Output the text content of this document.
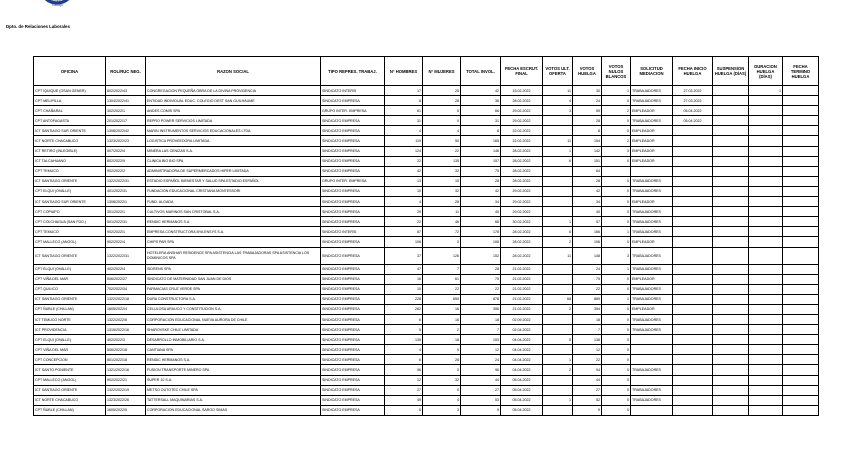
Dirección del
Trabajo
Dpto. de Relaciones Laborales
OFICINA	ROL/RUC NEG.	RAZON SOCIAL	TIPO REPRES. TRABAJ.	N° HOMBRES	N° MUJERES	TOTAL INVOL.	FECHA ESCRUT. FINAL	VOTOS ULT. OFERTA	VOTOS HUELGA	VOTOS NULOS BLANCOS	SOLICITUD MEDIACION	FECHA INICIO HUELGA	SUSPENSION HUELGA (DÍAS)	DURACION HUELGA (DÍAS)	FECHA TERMINO HUELGA
CPT IQUIQUE (OSAN GENER)	802/2022/43	CONGREGACION PEQUEÑA OBRA DE LA DIVINA PROVIDENCIA	SINDICATO INTERSI	17	25	42	15.02.2022	11	30	1	TRABAJADORES	27.03.2022		1	
CPT MELIPILLA	1304/2022/41	ENTIDAD INDIVIDUAL EDUC. COLEGIO DEST SAN GUILHAUME	SINDICATO EMPRESA	8	28	36	28.02.2022	4	24	0	TRABAJADORES	27.03.2022			
CPT CHAÑARAL	302/2022/1	ANDES COMIS SPA	GRUPO INTER. EMPRESA	61	5	66	29.02.2022	3	59	2	EMPLEADOR	05.04.2022			
CPT ANTOFAGASTA	201/2022/17	REPRO POWER SERVICIOS LIMITADA	SINDICATO EMPRESA	31	0	31	29.02.2022		28	0	TRABAJADORES	05.04.2022			
ICT SANTIAGO SUR ORIENTE	1308/2022/42	MARIN INSTRUMENTOS SERVICIOS EDUCACIONALES LTDA.	SINDICATO EMPRESA	4	4	8	22.02.2022		8	0	EMPLEADOR				
ICT NORTE CHACABUCO	1323/2022/23	LOGISTICA PROVEEDORA LIMITADA	SINDICATO EMPRESA	115	50	165	22.02.2022	11	154	2	EMPLEADOR				
ICT RETIRO (INLEGIBLE)	507/2022/4	MINERA LAS CENIZAS S.A.	SINDICATO EMPRESA	124	22	146	28.02.2022	1	142	3	EMPLEADOR				
ICT TALCAHUANO	802/2022/9	CLINICA BIO BIO SPA	SINDICATO EMPRESA	22	135	157	28.02.2022	6	151	0	EMPLEADOR				
CPT TEMUCO	902/2022/2	ADMINISTRADORA DE SUPERMERCADOS HIPER LIMITADA	SINDICATO EMPRESA	42	32	75	28.02.2022		64						
ICT SANTIAGO ORIENTE	1322/2022/31	ESTADIO ESPAÑOL BIENESTAR Y SALUD SPA ESTADIO ESPAÑOL	GRUPO INTER. EMPRESA	13	15	28	28.02.2022		28	0	TRABAJADORES				
CPT ELQUI (OVALLE)	401/2022/31	FUNDACION EDUCACIONAL CRISTIANA MONTESSORI	SINDICATO EMPRESA	10	32	42	29.02.2022		42	0	TRABAJADORES				
ICT SANTIAGO SUR ORIENTE	1308/2022/1	FUND. ALGADA	SINDICATO EMPRESA	4	28	34	29.02.2022		34	0	EMPLEADOR				
CPT COPIAPO	301/2022/1	CULTIVOS MARINOS SAN CRISTOBAL S.A.	SINDICATO EMPRESA	29	11	40	29.02.2022		40	0	TRABAJADORES				
CPT COLCHAGUA (SAN FDO.)	501/2022/31	RENDIC HERMANOS S.A.	SINDICATO EMPRESA	22	46	68	30.02.2022	1	57	0	TRABAJADORES				
CPT TEMUCO	902/2022/1	EMPRESA CONSTRUCTORA BYA ENSYS S.A.	SINDICATO INTERSI	87	72	178	28.02.2022	6	166	1	TRABAJADORES				
CPT MALLECO (ANGOL)	902/2022/4	CHIPS PAR SPA	SINDICATO EMPRESA	108	0	108	28.02.2022	2	106	0	EMPLEADOR				
ICT SANTIAGO ORIENTE	1322/2022/31	HOTELERA ANSHAR RESIDENCE SPA ASISTENCIA LAS TRABAJADORAS SPA ASISTENCIA LOS DOMINICOS SPA	SINDICATO EMPRESA	37	126	152	28.02.2022	11	148	3	TRABAJADORES				
CPT ELQUI (OVALLE)	402/2022/4	SIDRENS SPA	SINDICATO EMPRESA	47	7	28	21.02.2022		24	1	TRABAJADORES				
CPT VIÑA DEL MAR	506/2022/27	SINDICATO DE MATERNIDAD SAN JUAN DE DIOS	SINDICATO EMPRESA	16	61	75	21.02.2022		75	0	EMPLEADOR				
CPT QUILICO	702/2022/34	FARMACIAS CRUZ VERDE SPA	SINDICATO EMPRESA	10	22	22	21.02.2022		22	0	TRABAJADORES				
ICT SANTIAGO ORIENTE	1322/2022/18	DURA CONSTRUCTORA S.A.	SINDICATO EMPRESA	228	650	878	21.02.2022	68	889	1	TRABAJADORES				
CPT ÑUBLE (CHILLAN)	1605/2022/4	CELULOSA ARAUCO Y CONSTITUCION S.A.	SINDICATO EMPRESA	262	16	356	21.02.2022	2	354	0	EMPLEADOR				
ICT TEMUCO NORTE	1322/2022/8	CORPORACION EDUCACIONAL NUEVA AURORA DE CHILE	SINDICATO EMPRESA	6	16	18	02.09.2022		18	0	TRABAJADORES				
ICT PROVIDENCIA	1315/2022/16	SHAROVSKE CHILE LIMITADA	SINDICATO EMPRESA	5	2	7	02.04.2022		7	0	TRABAJADORES				
CPT ELQUI (OVALLE)	402/2022/3	DESARROLLO INMOBILIARIO S.A.	SINDICATO EMPRESA	135	18	153	04.04.2022	5	138	0					
CPT VIÑA DEL MAR	506/2022/18	CANTIANA SPA	SINDICATO EMPRESA	4	9	12	04.04.2022		12	0					
CPT CONCEPCION	801/2022/18	RENDIC HERMANOS S.A.	SINDICATO EMPRESA	6	28	24	04.04.2022	1	22	0					
ICT SANTO PONIENTE	1321/2022/16	FUSION TRANSPORTE MINERO SPA	SINDICATO EMPRESA	96	0	96	04.04.2022	2	94	0	TRABAJADORES				
CPT MALLECO (ANGOL)	902/2022/21	SUPER 10 S.A.	SINDICATO EMPRESA	12	32	44	05.04.2022		44	0					
ICT SANTIAGO ORIENTE	1322/2022/19	METSO OUTOTEC CHILE SPA	SINDICATO EMPRESA	27	0	27	05.04.2022		27	0	TRABAJADORES				
ICT NORTE CHACABUCO	1323/2022/26	TATTERSALL MAQUINARIAS S.A.	SINDICATO EMPRESA	49	4	53	05.04.2022	1	52	0	TRABAJADORES				
CPT ÑUBLE (CHILLAN)	1605/2022/5	CORPORACION EDUCACIONAL SARGO SIMAS	SINDICATO EMPRESA	6	3	9	05.04.2022		9	0					
